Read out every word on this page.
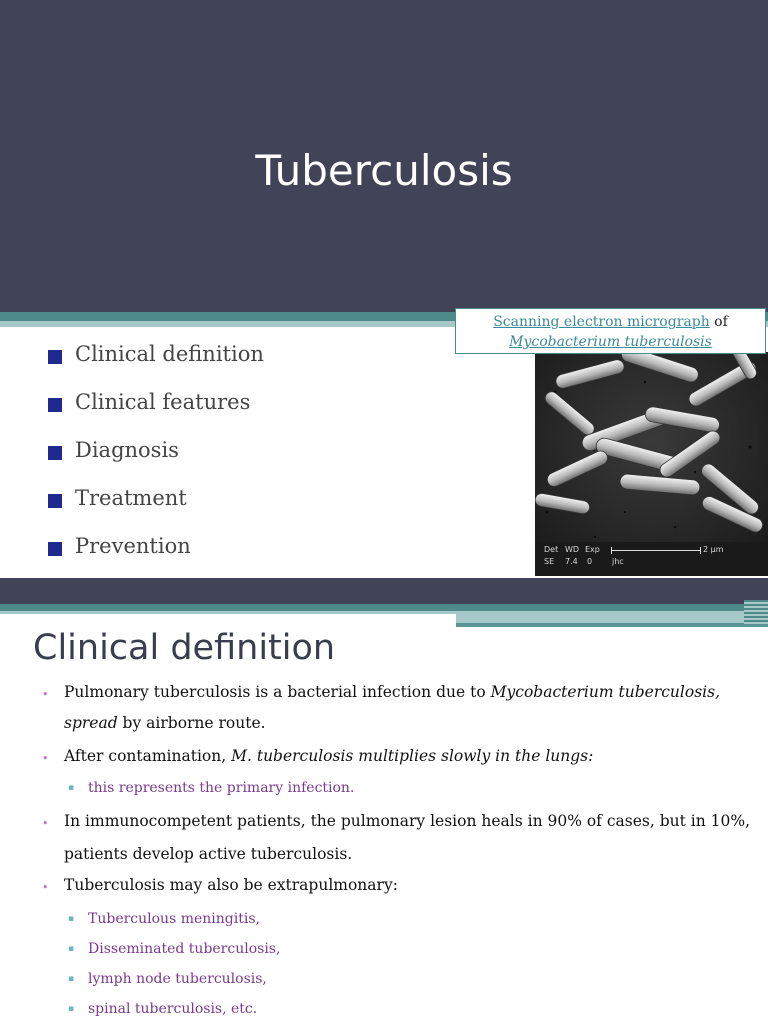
Tuberculosis
Clinical definition
Clinical features
Diagnosis
Treatment
Prevention	Det WD Exp	2 µm
SE 7.4 0 jhc
Scanning electron micrograph of
Mycobacterium tuberculosis
Clinical definition
• Pulmonary tuberculosis is a bacterial infection due to Mycobacterium tuberculosis,
spread by airborne route.
• After contamination, M. tuberculosis multiplies slowly in the lungs:
▪ this represents the primary infection.
• In immunocompetent patients, the pulmonary lesion heals in 90% of cases, but in 10%,
patients develop active tuberculosis.
• Tuberculosis may also be extrapulmonary:
▪ Tuberculous meningitis,
▪ Disseminated tuberculosis,
▪ lymph node tuberculosis,
▪ spinal tuberculosis, etc.
